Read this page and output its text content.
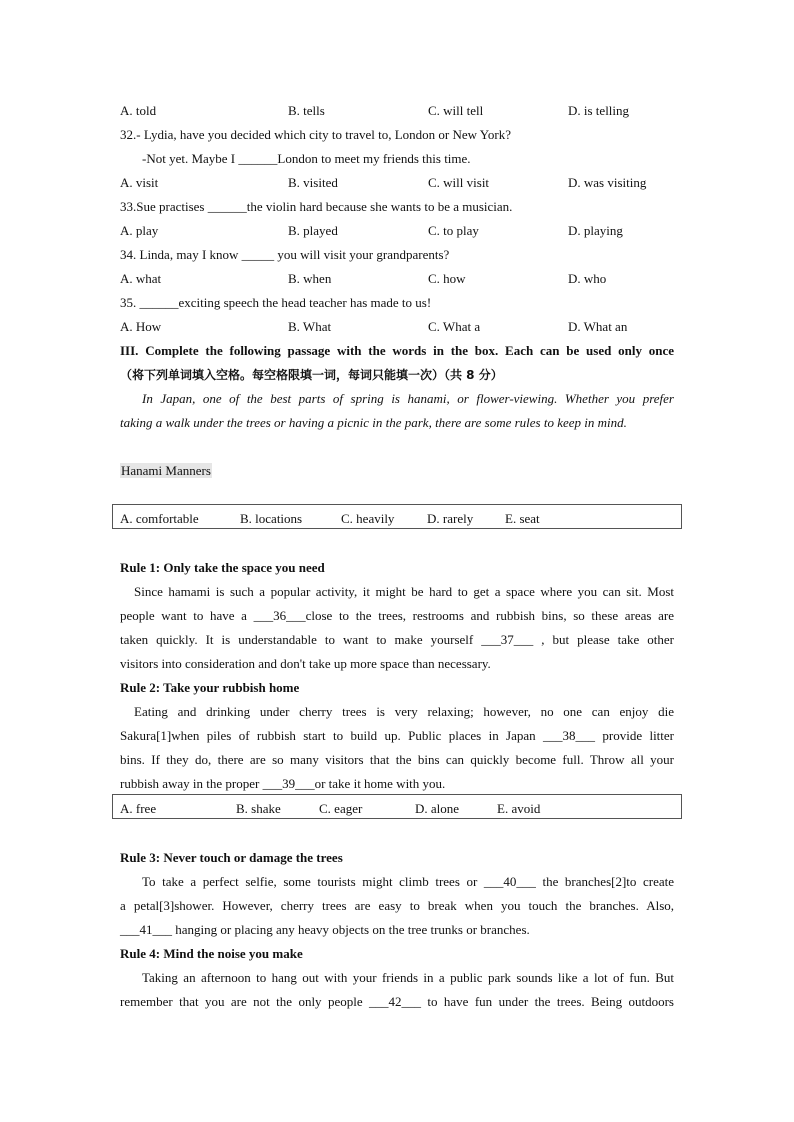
A. told	B. tells	C. will tell	D. is telling
32.- Lydia, have you decided which city to travel to, London or New York?
-Not yet. Maybe I ______London to meet my friends this time.
A. visit	B. visited	C. will visit	D. was visiting
33.Sue practises ______the violin hard because she wants to be a musician.
A. play	B. played	C. to play	D. playing
34. Linda, may I know _____ you will visit your grandparents?
A. what	B. when	C. how	D. who
35. ______exciting speech the head teacher has made to us!
A. How	B. What	C. What a	D. What an
III. Complete the following passage with the words in the box. Each can be used only once
（将下列单词填入空格。每空格限填一词，每词只能填一次）（共 8 分）
In Japan, one of the best parts of spring is hanami, or flower-viewing. Whether you prefer
taking a walk under the trees or having a picnic in the park, there are some rules to keep in mind.
Hanami Manners
A. comfortable	B. locations	C. heavily	D. rarely E. seat
Rule 1: Only take the space you need
Since hamami is such a popular activity, it might be hard to get a space where you can sit. Most
people want to have a ___36___close to the trees, restrooms and rubbish bins, so these areas are
taken quickly. It is understandable to want to make yourself ___37___ , but please take other
visitors into consideration and don't take up more space than necessary.
Rule 2: Take your rubbish home
Eating and drinking under cherry trees is very relaxing; however, no one can enjoy die
Sakura[1]when piles of rubbish start to build up. Public places in Japan ___38___ provide litter
bins. If they do, there are so many visitors that the bins can quickly become full. Throw all your
rubbish away in the proper ___39___or take it home with you.
A. free	B. shake	C. eager	D. alone	E. avoid
Rule 3: Never touch or damage the trees
To take a perfect selfie, some tourists might climb trees or ___40___ the branches[2]to create
a petal[3]shower. However, cherry trees are easy to break when you touch the branches. Also,
___41___ hanging or placing any heavy objects on the tree trunks or branches.
Rule 4: Mind the noise you make
Taking an afternoon to hang out with your friends in a public park sounds like a lot of fun. But
remember that you are not the only people ___42___ to have fun under the trees. Being outdoors
